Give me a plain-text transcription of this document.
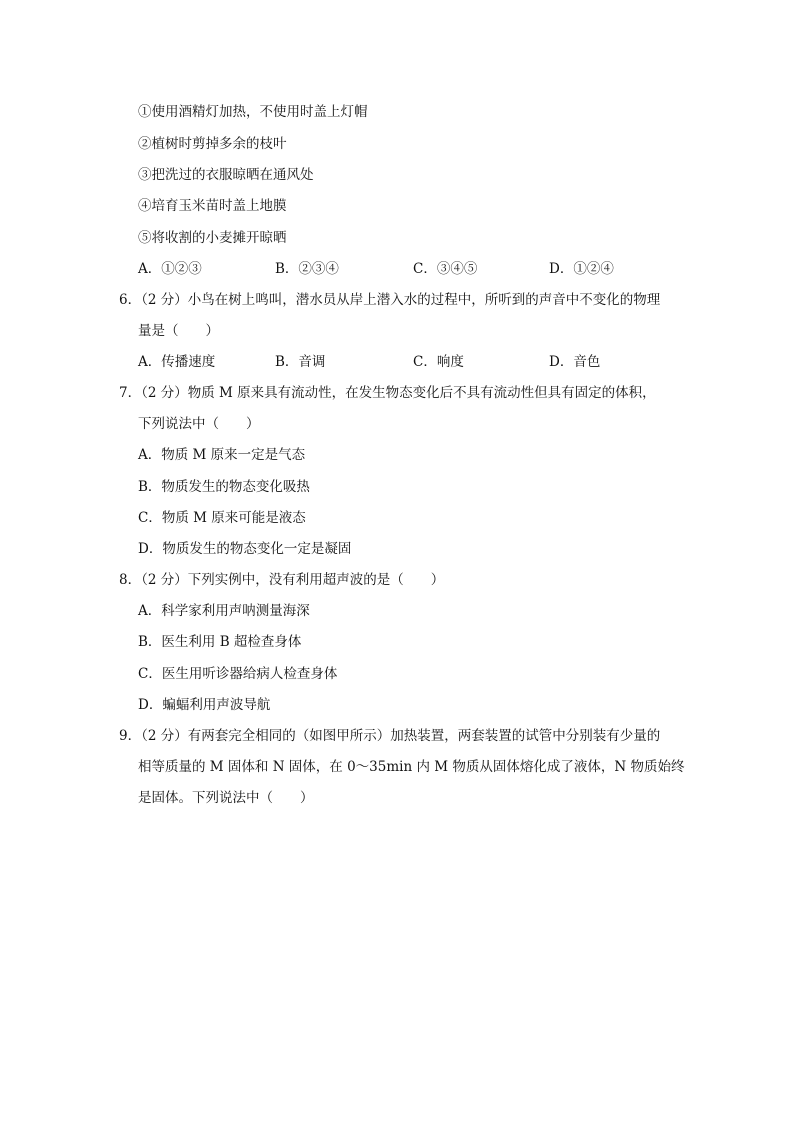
①使用酒精灯加热，不使用时盖上灯帽
②植树时剪掉多余的枝叶
③把洗过的衣服晾晒在通风处
④培育玉米苗时盖上地膜
⑤将收割的小麦摊开晾晒
A．①②③	B．②③④	C．③④⑤	D．①②④
6．（2 分）小鸟在树上鸣叫，潜水员从岸上潜入水的过程中，所听到的声音中不变化的物理
量是（　　）
A．传播速度	B．音调	C．响度	D．音色
7．（2 分）物质 M 原来具有流动性，在发生物态变化后不具有流动性但具有固定的体积，
下列说法中（　　）
A．物质 M 原来一定是气态
B．物质发生的物态变化吸热
C．物质 M 原来可能是液态
D．物质发生的物态变化一定是凝固
8．（2 分）下列实例中，没有利用超声波的是（　　）
A．科学家利用声呐测量海深
B．医生利用 B 超检查身体
C．医生用听诊器给病人检查身体
D．蝙蝠利用声波导航
9．（2 分）有两套完全相同的（如图甲所示）加热装置，两套装置的试管中分别装有少量的
相等质量的 M 固体和 N 固体，在 0～35min 内 M 物质从固体熔化成了液体，N 物质始终
是固体。下列说法中（　　）
